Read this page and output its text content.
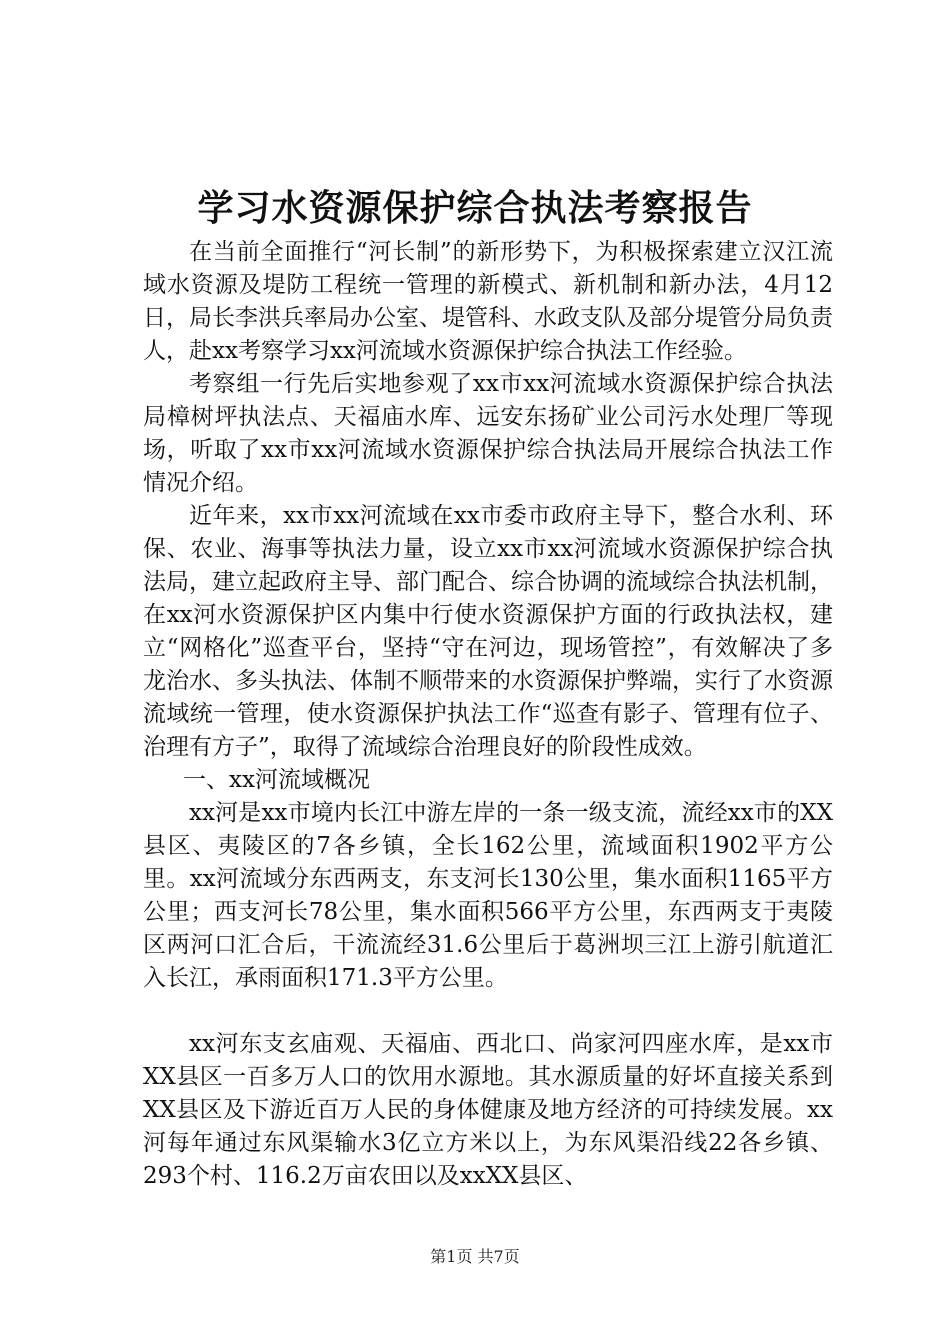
学习水资源保护综合执法考察报告

在当前全面推行“河长制”的新形势下，为积极探索建立汉江流域水资源及堤防工程统一管理的新模式、新机制和新办法，4月12日，局长李洪兵率局办公室、堤管科、水政支队及部分堤管分局负责人，赴xx考察学习xx河流域水资源保护综合执法工作经验。

考察组一行先后实地参观了xx市xx河流域水资源保护综合执法局樟树坪执法点、天福庙水库、远安东扬矿业公司污水处理厂等现场，听取了xx市xx河流域水资源保护综合执法局开展综合执法工作情况介绍。

近年来，xx市xx河流域在xx市委市政府主导下，整合水利、环保、农业、海事等执法力量，设立xx市xx河流域水资源保护综合执法局，建立起政府主导、部门配合、综合协调的流域综合执法机制，在xx河水资源保护区内集中行使水资源保护方面的行政执法权，建立“网格化”巡查平台，坚持“守在河边，现场管控”，有效解决了多龙治水、多头执法、体制不顺带来的水资源保护弊端，实行了水资源流域统一管理，使水资源保护执法工作“巡查有影子、管理有位子、治理有方子”，取得了流域综合治理良好的阶段性成效。

一、xx河流域概况

xx河是xx市境内长江中游左岸的一条一级支流，流经xx市的XX县区、夷陵区的7各乡镇，全长162公里，流域面积1902平方公里。xx河流域分东西两支，东支河长130公里，集水面积1165平方公里；西支河长78公里，集水面积566平方公里，东西两支于夷陵区两河口汇合后，干流流经31.6公里后于葛洲坝三江上游引航道汇入长江，承雨面积171.3平方公里。

xx河东支玄庙观、天福庙、西北口、尚家河四座水库，是xx市XX县区一百多万人口的饮用水源地。其水源质量的好坏直接关系到XX县区及下游近百万人民的身体健康及地方经济的可持续发展。xx河每年通过东风渠输水3亿立方米以上，为东风渠沿线22各乡镇、293个村、116.2万亩农田以及xxXX县区、

第1页 共7页
